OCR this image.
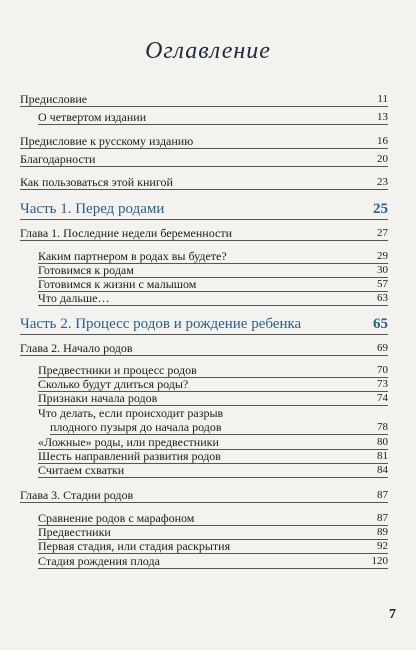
Оглавление
Предисловие	11
О четвертом издании	13
Предисловие к русскому изданию	16
Благодарности	20
Как пользоваться этой книгой	23
Часть 1. Перед родами	25
Глава 1. Последние недели беременности	27
Каким партнером в родах вы будете?	29
Готовимся к родам	30
Готовимся к жизни с малышом	57
Что дальше…	63
Часть 2. Процесс родов и рождение ребенка	65
Глава 2. Начало родов	69
Предвестники и процесс родов	70
Сколько будут длиться роды?	73
Признаки начала родов	74
Что делать, если происходит разрыв
плодного пузыря до начала родов	78
«Ложные» роды, или предвестники	80
Шесть направлений развития родов	81
Считаем схватки	84
Глава 3. Стадии родов	87
Сравнение родов с марафоном	87
Предвестники	89
Первая стадия, или стадия раскрытия	92
Стадия рождения плода	120
7
